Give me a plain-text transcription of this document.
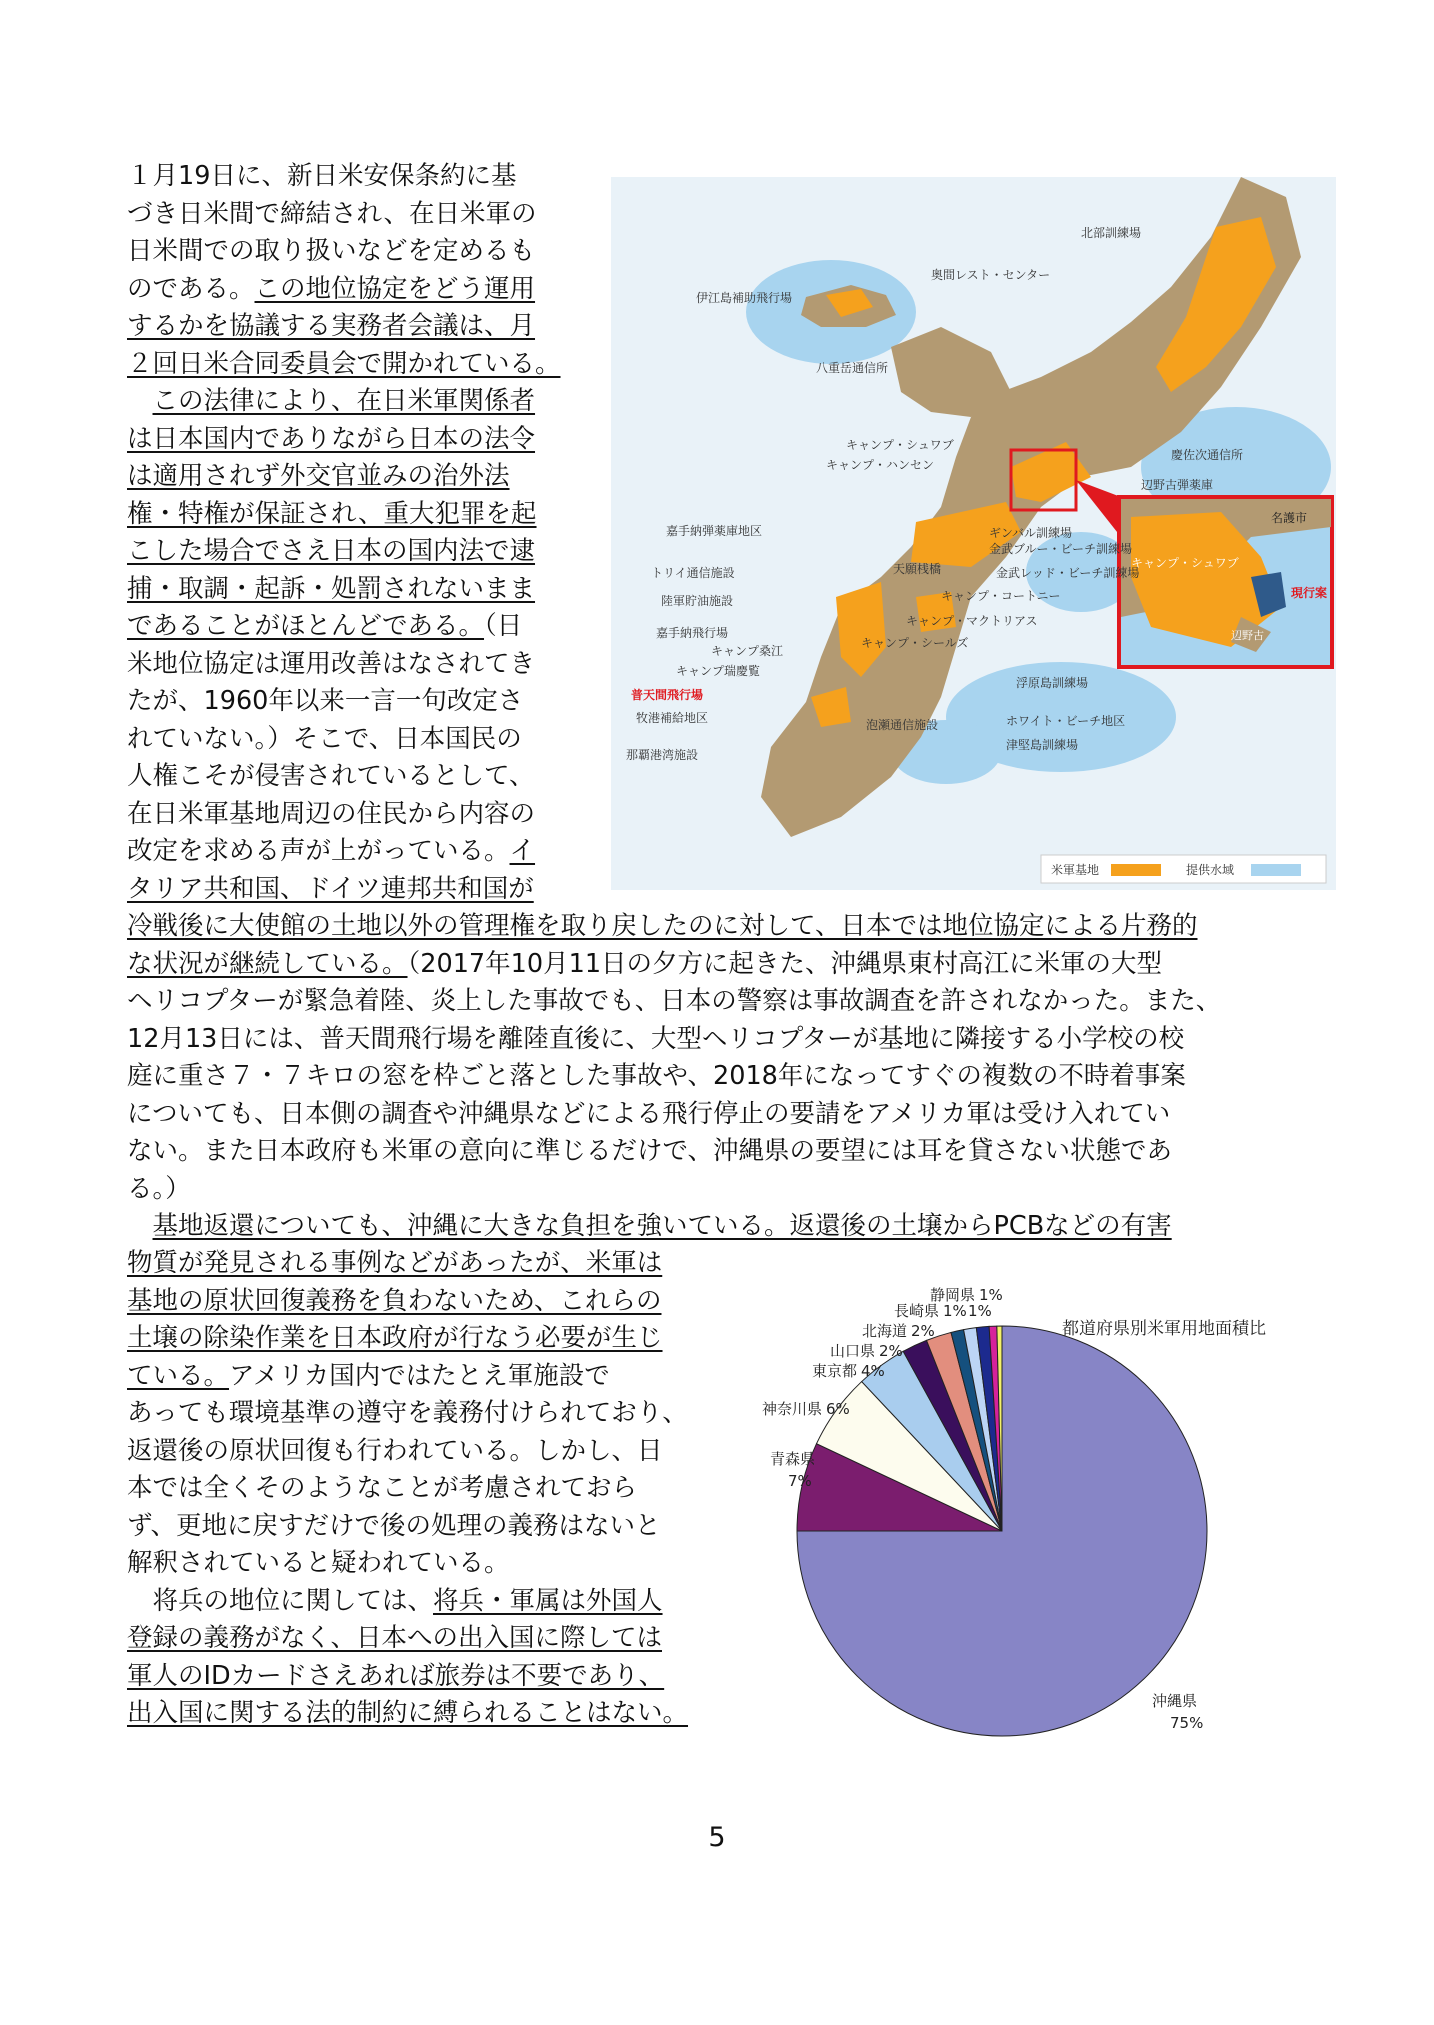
１月19日に、新日米安保条約に基
づき日米間で締結され、在日米軍の
日米間での取り扱いなどを定めるも
のである。この地位協定をどう運用
するかを協議する実務者会議は、月
２回日米合同委員会で開かれている。
　この法律により、在日米軍関係者
は日本国内でありながら日本の法令
は適用されず外交官並みの治外法
権・特権が保証され、重大犯罪を起
こした場合でさえ日本の国内法で逮
捕・取調・起訴・処罰されないまま
であることがほとんどである。（日
米地位協定は運用改善はなされてき
たが、1960年以来一言一句改定さ
れていない。）そこで、日本国民の
人権こそが侵害されているとして、
在日米軍基地周辺の住民から内容の
改定を求める声が上がっている。イ
タリア共和国、ドイツ連邦共和国が
名護市
キャンプ・シュワブ
現行案
辺野古
北部訓練場
奥間レスト・センター
伊江島補助飛行場
八重岳通信所
キャンプ・シュワブ
キャンプ・ハンセン
慶佐次通信所
辺野古弾薬庫
嘉手納弾薬庫地区	ギンバル訓練場
金武ブルー・ビーチ訓練場
トリイ通信施設	天願桟橋	金武レッド・ビーチ訓練場
陸軍貯油施設	キャンプ・コートニー
嘉手納飛行場
キャンプ・マクトリアス
キャンプ桑江
キャンプ・シールズ
キャンプ瑞慶覧
普天間飛行場
牧港補給地区	泡瀬通信施設
浮原島訓練場
ホワイト・ビーチ地区
津堅島訓練場
那覇港湾施設
米軍基地	提供水域
冷戦後に大使館の土地以外の管理権を取り戻したのに対して、日本では地位協定による片務的
な状況が継続している。（2017年10月11日の夕方に起きた、沖縄県東村高江に米軍の大型
ヘリコプターが緊急着陸、炎上した事故でも、日本の警察は事故調査を許されなかった。また、
12月13日には、普天間飛行場を離陸直後に、大型ヘリコプターが基地に隣接する小学校の校
庭に重さ７・７キロの窓を枠ごと落とした事故や、2018年になってすぐの複数の不時着事案
についても、日本側の調査や沖縄県などによる飛行停止の要請をアメリカ軍は受け入れてい
ない。また日本政府も米軍の意向に準じるだけで、沖縄県の要望には耳を貸さない状態であ
る。）
　基地返還についても、沖縄に大きな負担を強いている。返還後の土壌からPCBなどの有害
物質が発見される事例などがあったが、米軍は
基地の原状回復義務を負わないため、これらの
土壌の除染作業を日本政府が行なう必要が生じ
ている。アメリカ国内ではたとえ軍施設で
あっても環境基準の遵守を義務付けられており、
返還後の原状回復も行われている。しかし、日
本では全くそのようなことが考慮されておら
ず、更地に戻すだけで後の処理の義務はないと
解釈されていると疑われている。
　将兵の地位に関しては、将兵・軍属は外国人
登録の義務がなく、日本への出入国に際しては
軍人のIDカードさえあれば旅券は不要であり、
出入国に関する法的制約に縛られることはない。
都道府県別米軍用地面積比
沖縄県 75%
青森県 7%
神奈川県 6%
東京都 4%
山口県 2%
北海道 2%
長崎県 1%
静岡県 1%
1%
5
